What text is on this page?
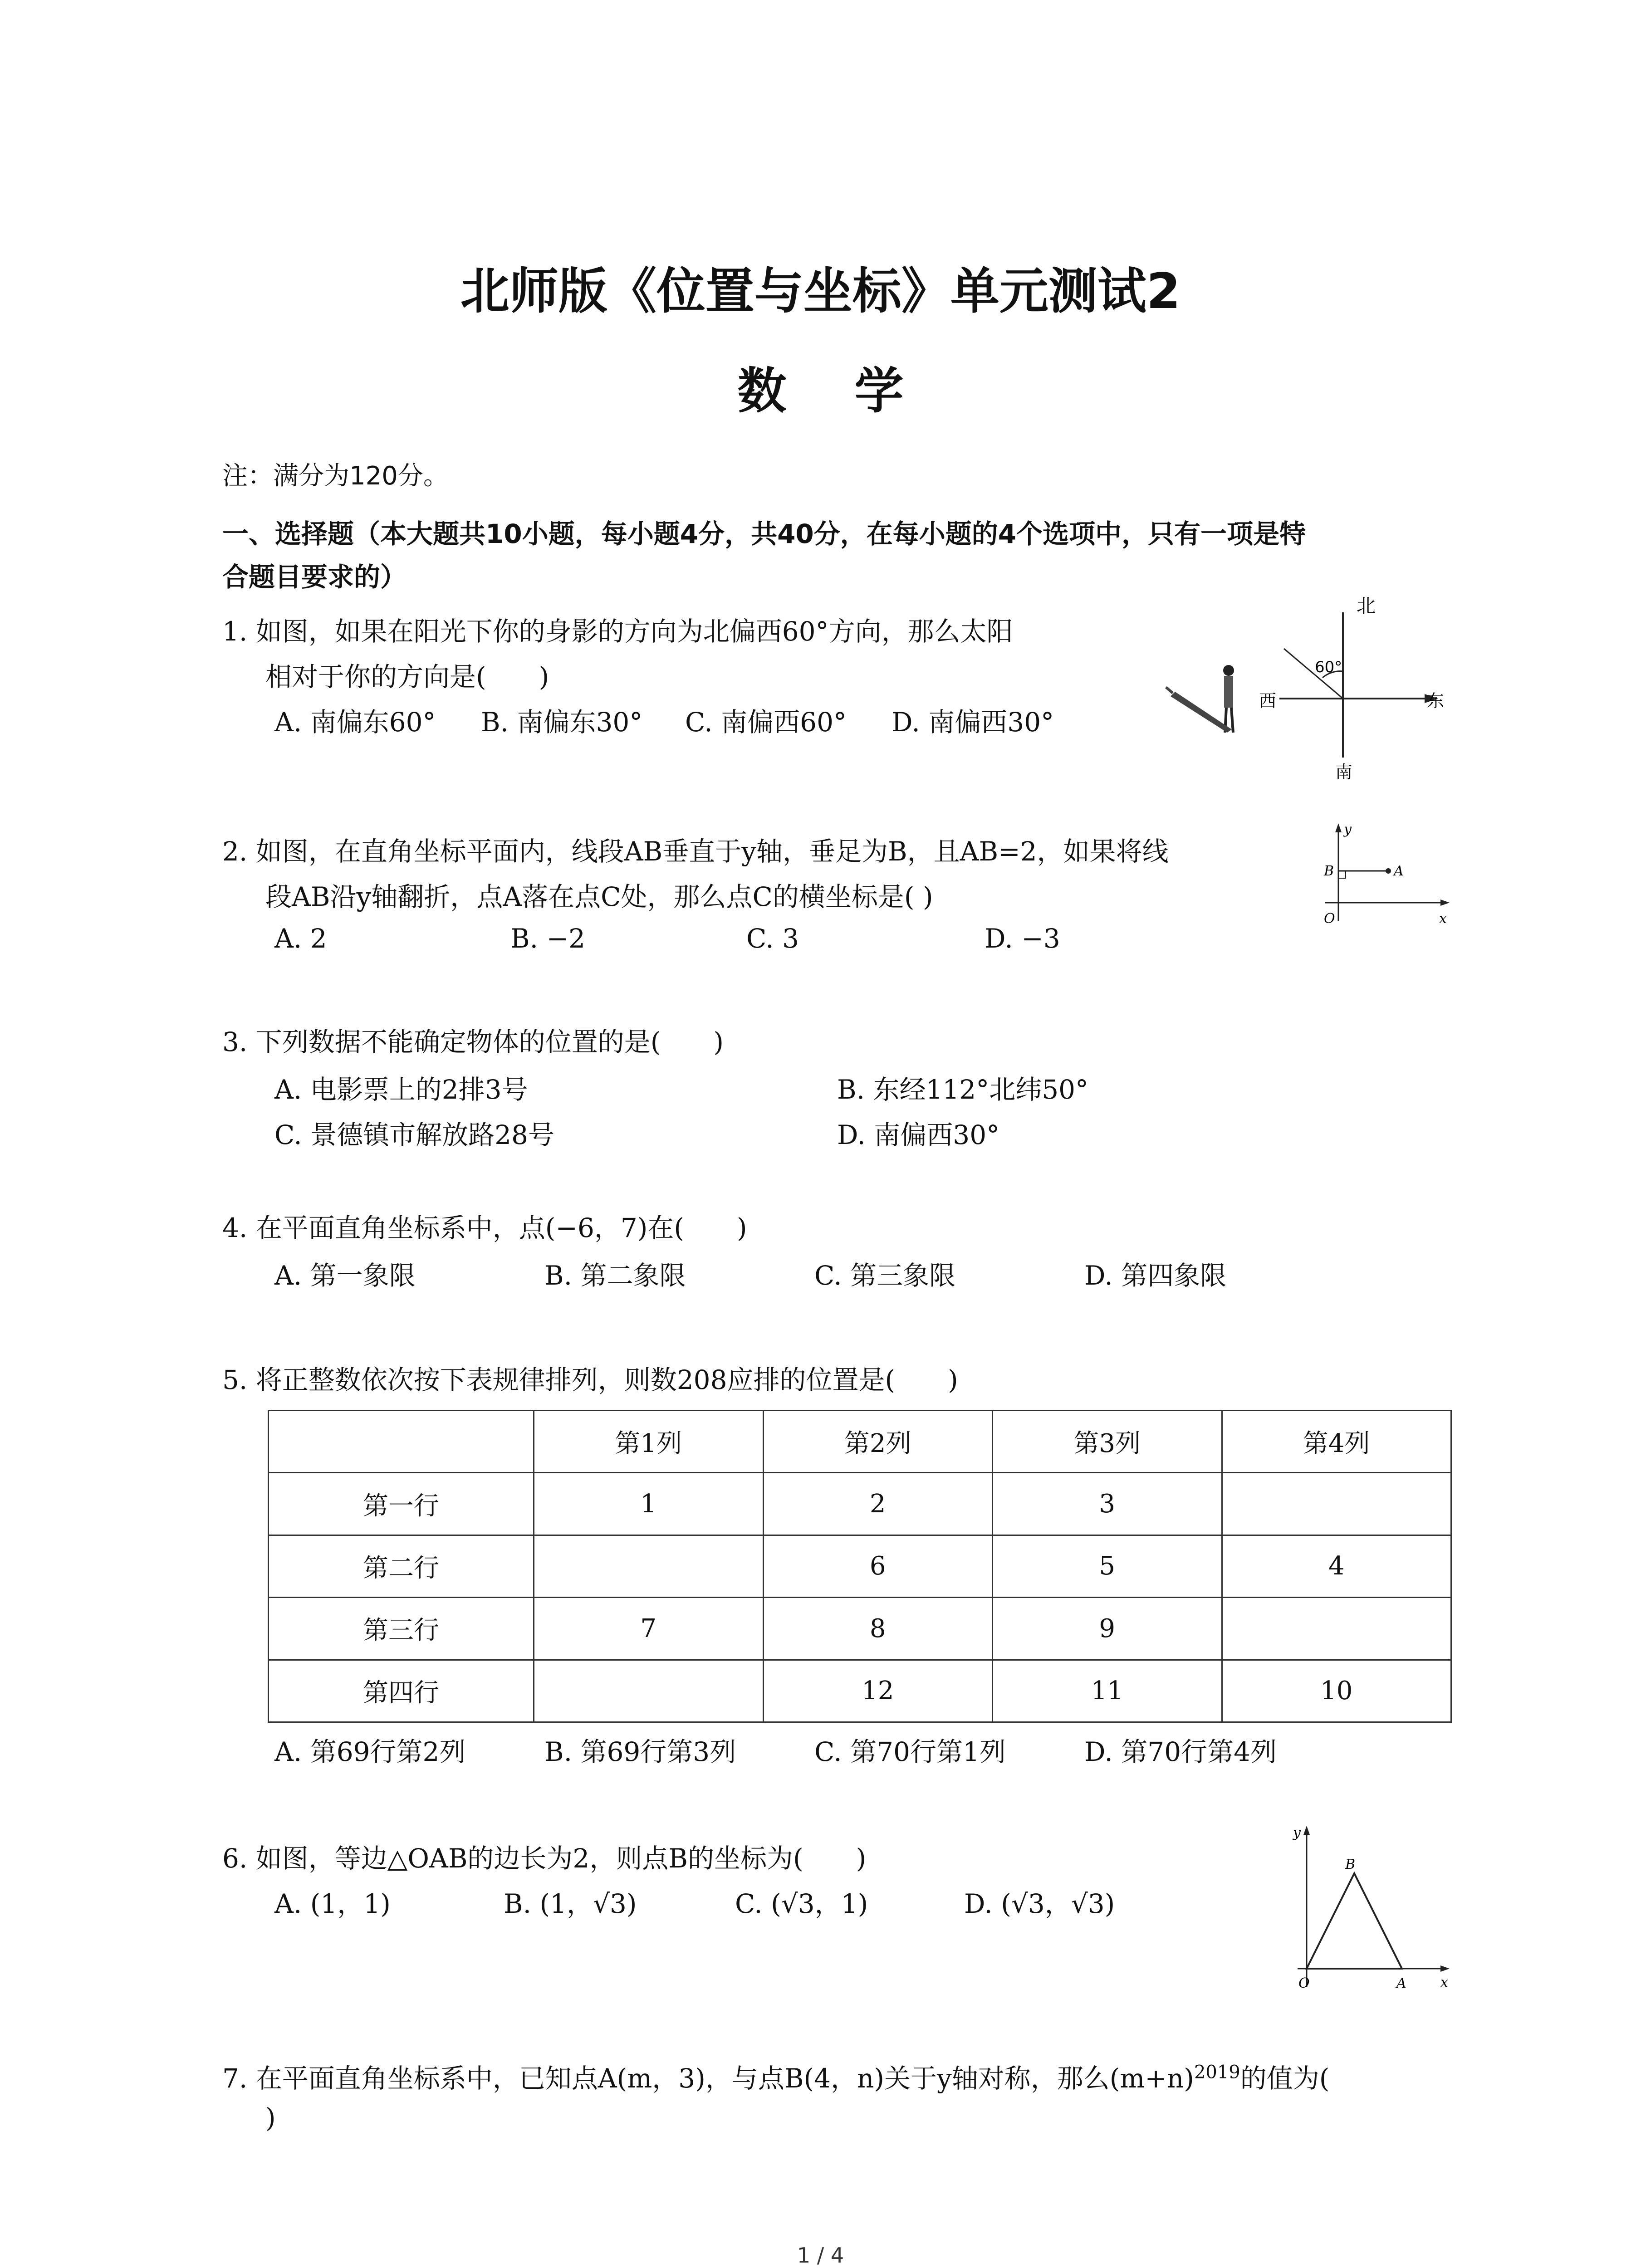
北师版《位置与坐标》单元测试2
数学
注：满分为120分。
一、选择题（本大题共10小题，每小题4分，共40分，在每小题的4个选项中，只有一项是特
合题目要求的）
1. 如图，如果在阳光下你的身影的方向为北偏西60°方向，那么太阳
相对于你的方向是(　　)
A. 南偏东60° B. 南偏东30° C. 南偏西60° D. 南偏西30°
北
南
西	东
60°
2. 如图，在直角坐标平面内，线段AB垂直于y轴，垂足为B，且AB=2，如果将线
段AB沿y轴翻折，点A落在点C处，那么点C的横坐标是( )
A. 2	B. −2	C. 3	D. −3
y
x
O
B	A
3. 下列数据不能确定物体的位置的是(　　)
A. 电影票上的2排3号	B. 东经112°北纬50°
C. 景德镇市解放路28号	D. 南偏西30°
4. 在平面直角坐标系中，点(−6，7)在(　　)
A. 第一象限	B. 第二象限	C. 第三象限	D. 第四象限
5. 将正整数依次按下表规律排列，则数208应排的位置是(　　)
	第1列	第2列	第3列	第4列
第一行	1	2	3	
第二行		6	5	4
第三行	7	8	9	
第四行		12	11	10
A. 第69行第2列	B. 第69行第3列	C. 第70行第1列	D. 第70行第4列
6. 如图，等边△OAB的边长为2，则点B的坐标为(　　)
A. (1，1)	B. (1，√3)	C. (√3，1)	D. (√3，√3)
y
x
O	A
B
7. 在平面直角坐标系中，已知点A(m，3)，与点B(4，n)关于y轴对称，那么$(m+n)^{2019}$的值为(
)
1 / 4
